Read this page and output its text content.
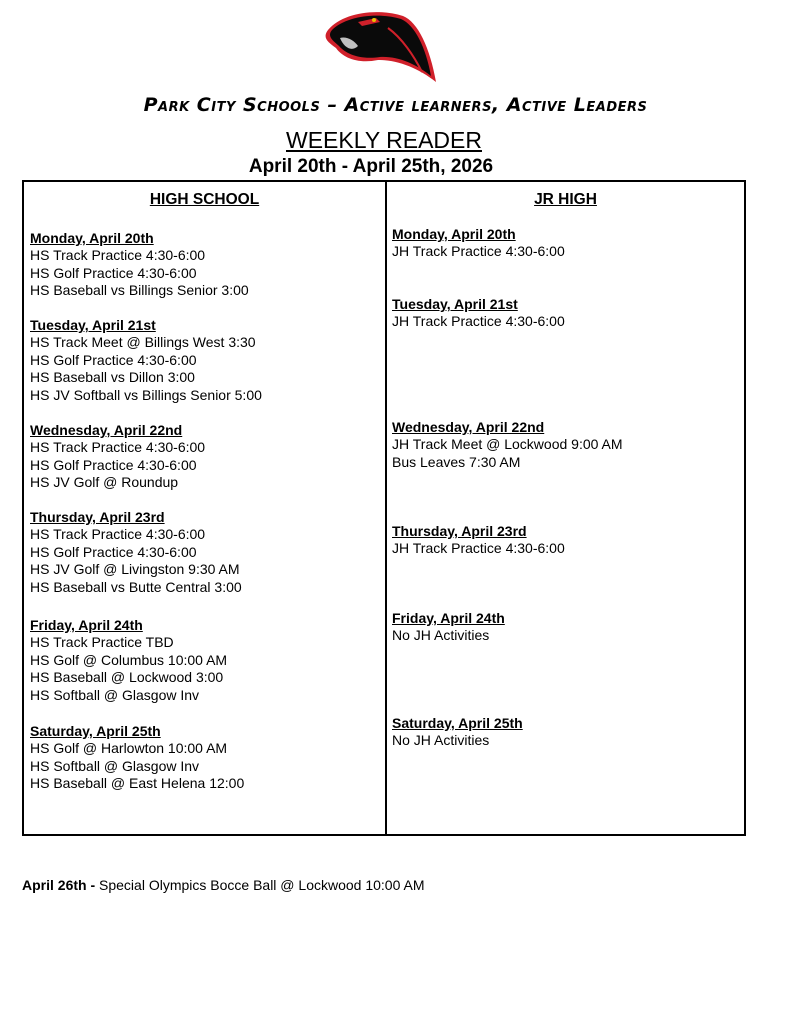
Park City Schools – Active learners, Active Leaders
WEEKLY READER
April 20th - April 25th, 2026
HIGH SCHOOL	JR HIGH
Monday, April 20th
HS Track Practice 4:30-6:00
HS Golf Practice 4:30-6:00
HS Baseball vs Billings Senior 3:00
Tuesday, April 21st
HS Track Meet @ Billings West 3:30
HS Golf Practice 4:30-6:00
HS Baseball vs Dillon 3:00
HS JV Softball vs Billings Senior 5:00
Wednesday, April 22nd
HS Track Practice 4:30-6:00
HS Golf Practice 4:30-6:00
HS JV Golf @ Roundup
Thursday, April 23rd
HS Track Practice 4:30-6:00
HS Golf Practice 4:30-6:00
HS JV Golf @ Livingston 9:30 AM
HS Baseball vs Butte Central 3:00
Friday, April 24th
HS Track Practice TBD
HS Golf @ Columbus 10:00 AM
HS Baseball @ Lockwood 3:00
HS Softball @ Glasgow Inv
Saturday, April 25th
HS Golf @ Harlowton 10:00 AM
HS Softball @ Glasgow Inv
HS Baseball @ East Helena 12:00
Monday, April 20th
JH Track Practice 4:30-6:00
Tuesday, April 21st
JH Track Practice 4:30-6:00
Wednesday, April 22nd
JH Track Meet @ Lockwood 9:00 AM
Bus Leaves 7:30 AM
Thursday, April 23rd
JH Track Practice 4:30-6:00
Friday, April 24th
No JH Activities
Saturday, April 25th
No JH Activities
April 26th - Special Olympics Bocce Ball @ Lockwood 10:00 AM
